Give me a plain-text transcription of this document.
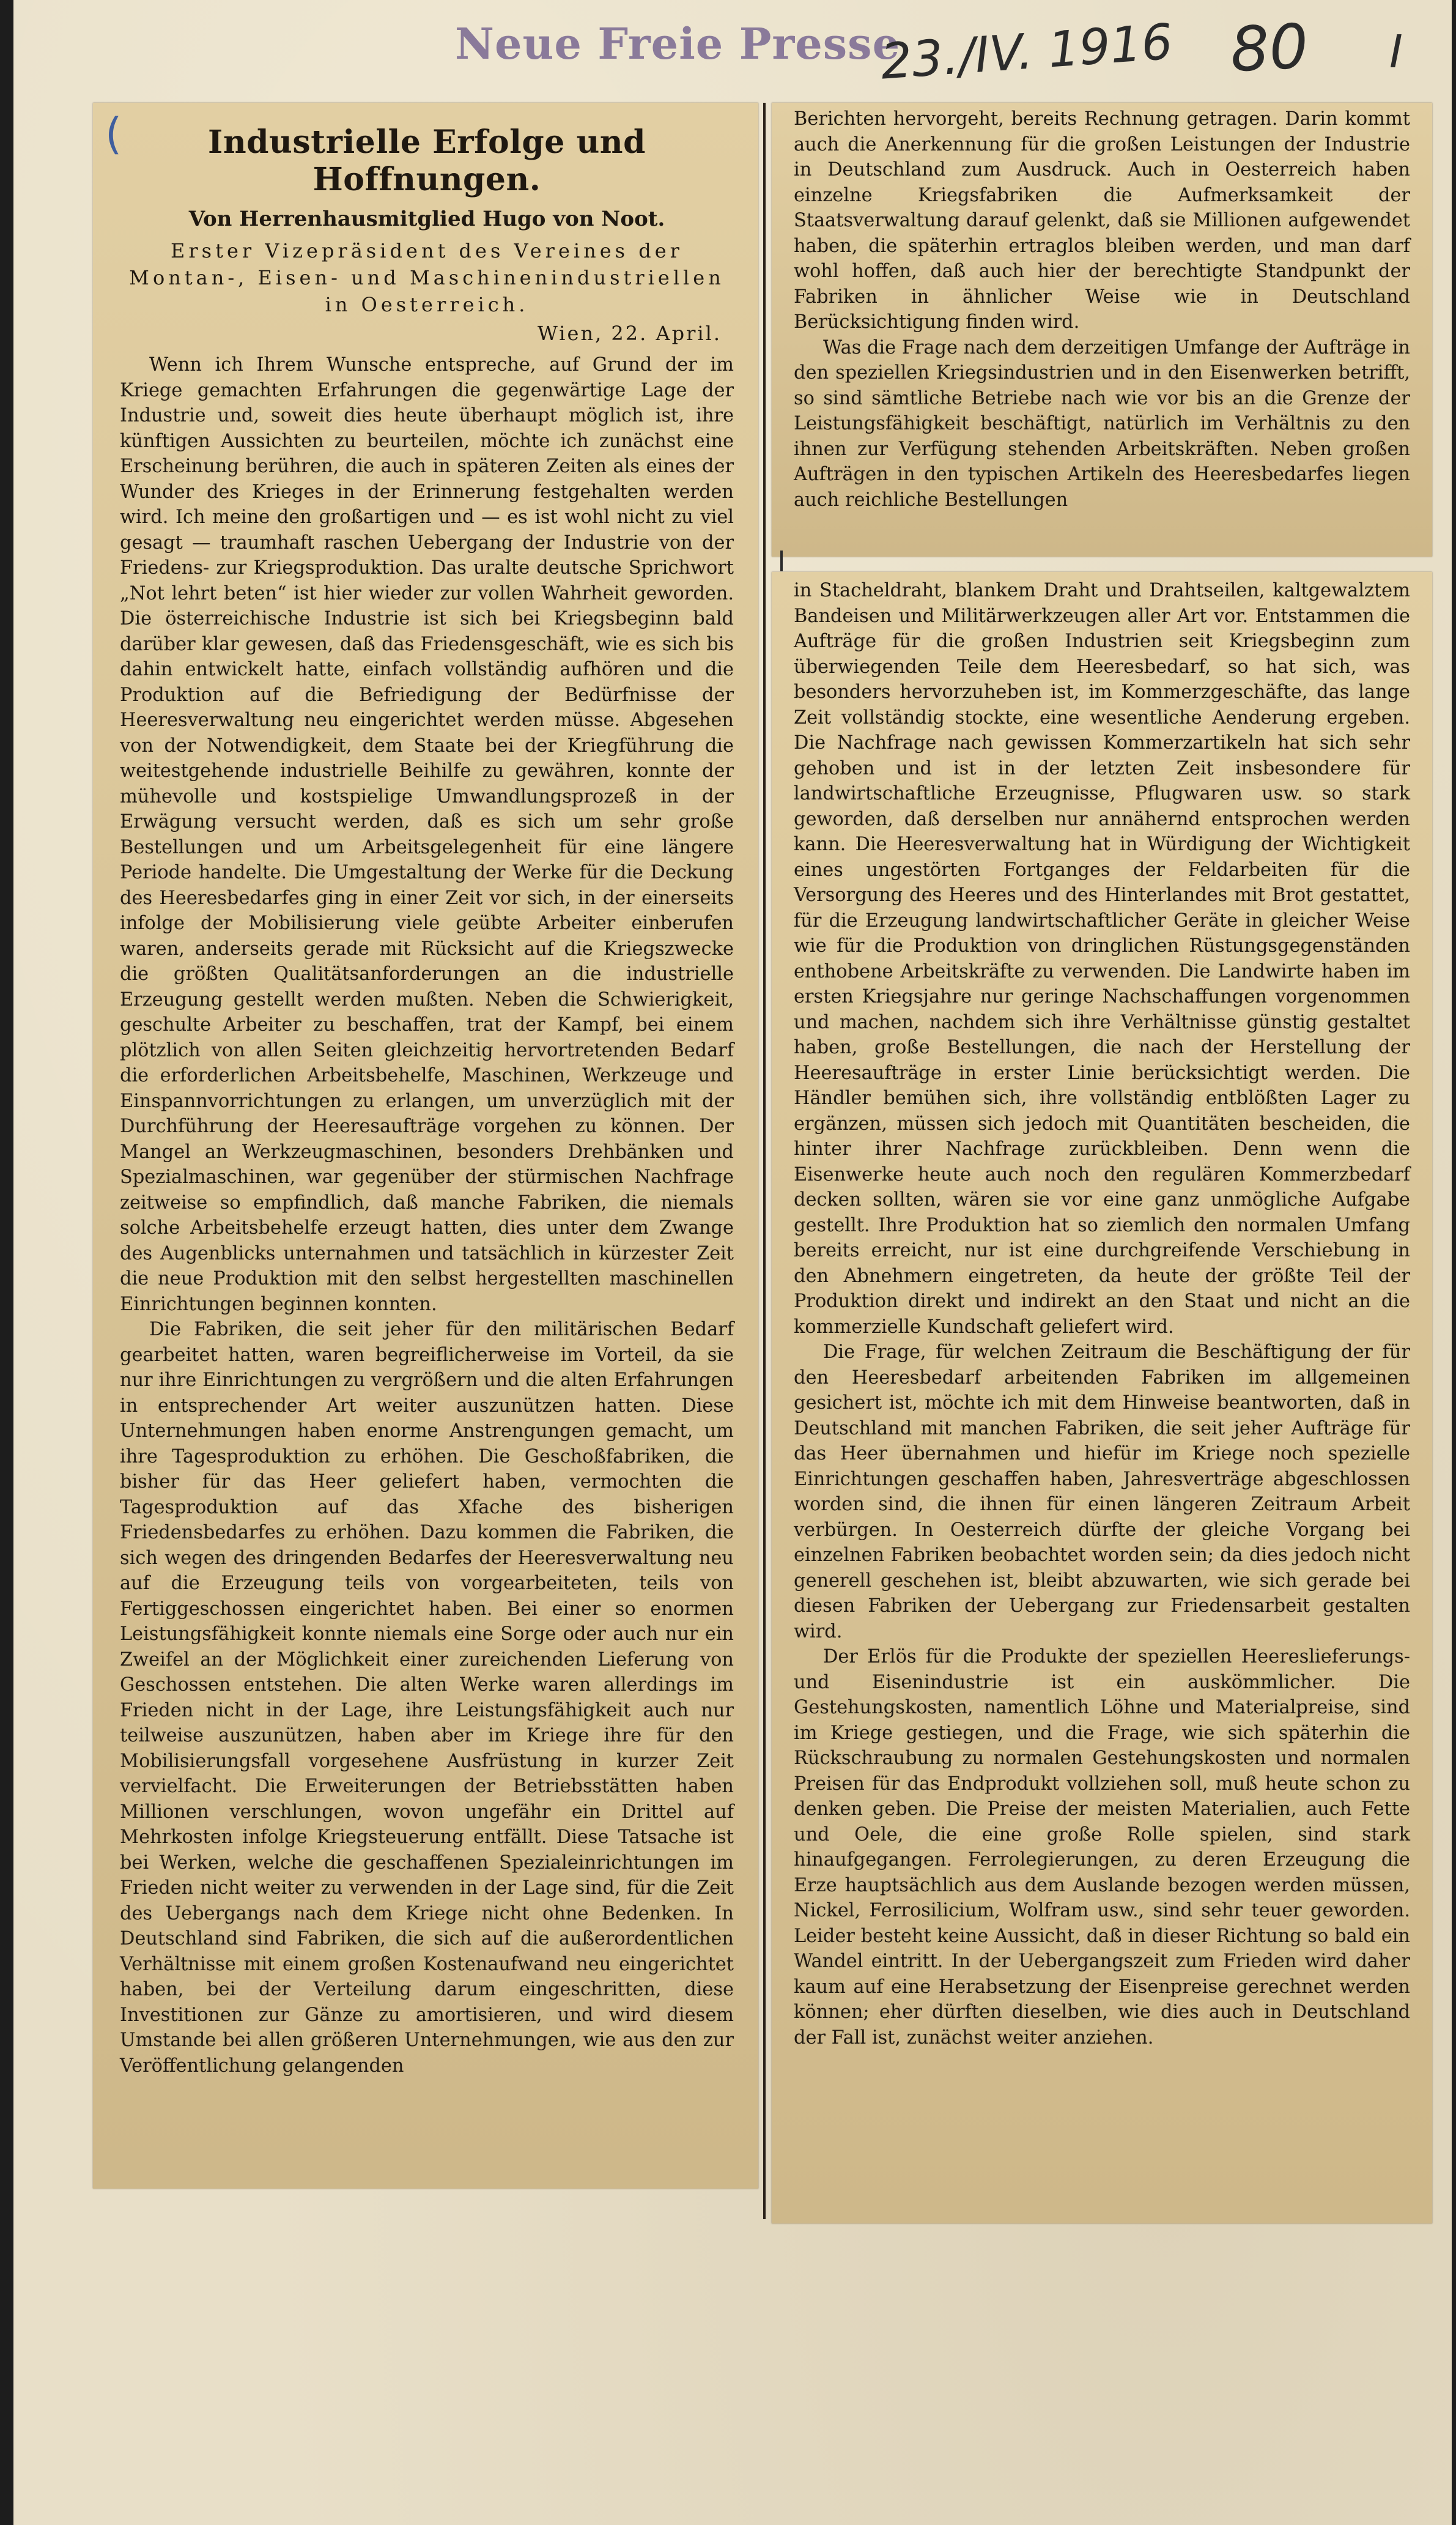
Neue Freie Presse
23./IV. 1916 80 I
Industrielle Erfolge und Hoffnungen.

Von Herrenhausmitglied Hugo von Noot.

Erster Vizepräsident des Vereines der Montan-, Eisen- und Maschinenindustriellen in Oesterreich.

Wien, 22. April.

Wenn ich Ihrem Wunsche entspreche, auf Grund der im Kriege gemachten Erfahrungen die gegenwärtige Lage der Industrie und, soweit dies heute überhaupt möglich ist, ihre künftigen Aussichten zu beurteilen, möchte ich zunächst eine Erscheinung berühren, die auch in späteren Zeiten als eines der Wunder des Krieges in der Erinnerung festgehalten werden wird. Ich meine den großartigen und — es ist wohl nicht zu viel gesagt — traumhaft raschen Uebergang der Industrie von der Friedens- zur Kriegsproduktion. Das uralte deutsche Sprichwort „Not lehrt beten“ ist hier wieder zur vollen Wahrheit geworden. Die österreichische Industrie ist sich bei Kriegsbeginn bald darüber klar gewesen, daß das Friedensgeschäft, wie es sich bis dahin entwickelt hatte, einfach vollständig aufhören und die Produktion auf die Befriedigung der Bedürfnisse der Heeresverwaltung neu eingerichtet werden müsse. Abgesehen von der Notwendigkeit, dem Staate bei der Kriegführung die weitestgehende industrielle Beihilfe zu gewähren, konnte der mühevolle und kostspielige Umwandlungsprozeß in der Erwägung versucht werden, daß es sich um sehr große Bestellungen und um Arbeitsgelegenheit für eine längere Periode handelte. Die Umgestaltung der Werke für die Deckung des Heeresbedarfes ging in einer Zeit vor sich, in der einerseits infolge der Mobilisierung viele geübte Arbeiter einberufen waren, anderseits gerade mit Rücksicht auf die Kriegszwecke die größten Qualitätsanforderungen an die industrielle Erzeugung gestellt werden mußten. Neben die Schwierigkeit, geschulte Arbeiter zu beschaffen, trat der Kampf, bei einem plötzlich von allen Seiten gleichzeitig hervortretenden Bedarf die erforderlichen Arbeitsbehelfe, Maschinen, Werkzeuge und Einspannvorrichtungen zu erlangen, um unverzüglich mit der Durchführung der Heeresaufträge vorgehen zu können. Der Mangel an Werkzeugmaschinen, besonders Drehbänken und Spezialmaschinen, war gegenüber der stürmischen Nachfrage zeitweise so empfindlich, daß manche Fabriken, die niemals solche Arbeitsbehelfe erzeugt hatten, dies unter dem Zwange des Augenblicks unternahmen und tatsächlich in kürzester Zeit die neue Produktion mit den selbst hergestellten maschinellen Einrichtungen beginnen konnten.

Die Fabriken, die seit jeher für den militärischen Bedarf gearbeitet hatten, waren begreiflicherweise im Vorteil, da sie nur ihre Einrichtungen zu vergrößern und die alten Erfahrungen in entsprechender Art weiter auszunützen hatten. Diese Unternehmungen haben enorme Anstrengungen gemacht, um ihre Tagesproduktion zu erhöhen. Die Geschoßfabriken, die bisher für das Heer geliefert haben, vermochten die Tagesproduktion auf das Xfache des bisherigen Friedensbedarfes zu erhöhen. Dazu kommen die Fabriken, die sich wegen des dringenden Bedarfes der Heeresverwaltung neu auf die Erzeugung teils von vorgearbeiteten, teils von Fertiggeschossen eingerichtet haben. Bei einer so enormen Leistungsfähigkeit konnte niemals eine Sorge oder auch nur ein Zweifel an der Möglichkeit einer zureichenden Lieferung von Geschossen entstehen. Die alten Werke waren allerdings im Frieden nicht in der Lage, ihre Leistungsfähigkeit auch nur teilweise auszunützen, haben aber im Kriege ihre für den Mobilisierungsfall vorgesehene Ausfrüstung in kurzer Zeit vervielfacht. Die Erweiterungen der Betriebsstätten haben Millionen verschlungen, wovon ungefähr ein Drittel auf Mehrkosten infolge Kriegsteuerung entfällt. Diese Tatsache ist bei Werken, welche die geschaffenen Spezialeinrichtungen im Frieden nicht weiter zu verwenden in der Lage sind, für die Zeit des Uebergangs nach dem Kriege nicht ohne Bedenken. In Deutschland sind Fabriken, die sich auf die außerordentlichen Verhältnisse mit einem großen Kostenaufwand neu eingerichtet haben, bei der Verteilung darum eingeschritten, diese Investitionen zur Gänze zu amortisieren, und wird diesem Umstande bei allen größeren Unternehmungen, wie aus den zur Veröffentlichung gelangenden

(	Berichten hervorgeht, bereits Rechnung getragen. Darin kommt auch die Anerkennung für die großen Leistungen der Industrie in Deutschland zum Ausdruck. Auch in Oesterreich haben einzelne Kriegsfabriken die Aufmerksamkeit der Staatsverwaltung darauf gelenkt, daß sie Millionen aufgewendet haben, die späterhin ertraglos bleiben werden, und man darf wohl hoffen, daß auch hier der berechtigte Standpunkt der Fabriken in ähnlicher Weise wie in Deutschland Berücksichtigung finden wird.

Was die Frage nach dem derzeitigen Umfange der Aufträge in den speziellen Kriegsindustrien und in den Eisenwerken betrifft, so sind sämtliche Betriebe nach wie vor bis an die Grenze der Leistungsfähigkeit beschäftigt, natürlich im Verhältnis zu den ihnen zur Verfügung stehenden Arbeitskräften. Neben großen Aufträgen in den typischen Artikeln des Heeresbedarfes liegen auch reichliche Bestellungen

in Stacheldraht, blankem Draht und Drahtseilen, kaltgewalztem Bandeisen und Militärwerkzeugen aller Art vor. Entstammen die Aufträge für die großen Industrien seit Kriegsbeginn zum überwiegenden Teile dem Heeresbedarf, so hat sich, was besonders hervorzuheben ist, im Kommerzgeschäfte, das lange Zeit vollständig stockte, eine wesentliche Aenderung ergeben. Die Nachfrage nach gewissen Kommerzartikeln hat sich sehr gehoben und ist in der letzten Zeit insbesondere für landwirtschaftliche Erzeugnisse, Pflugwaren usw. so stark geworden, daß derselben nur annähernd entsprochen werden kann. Die Heeresverwaltung hat in Würdigung der Wichtigkeit eines ungestörten Fortganges der Feldarbeiten für die Versorgung des Heeres und des Hinterlandes mit Brot gestattet, für die Erzeugung landwirtschaftlicher Geräte in gleicher Weise wie für die Produktion von dringlichen Rüstungsgegenständen enthobene Arbeitskräfte zu verwenden. Die Landwirte haben im ersten Kriegsjahre nur geringe Nachschaffungen vorgenommen und machen, nachdem sich ihre Verhältnisse günstig gestaltet haben, große Bestellungen, die nach der Herstellung der Heeresaufträge in erster Linie berücksichtigt werden. Die Händler bemühen sich, ihre vollständig entblößten Lager zu ergänzen, müssen sich jedoch mit Quantitäten bescheiden, die hinter ihrer Nachfrage zurückbleiben. Denn wenn die Eisenwerke heute auch noch den regulären Kommerzbedarf decken sollten, wären sie vor eine ganz unmögliche Aufgabe gestellt. Ihre Produktion hat so ziemlich den normalen Umfang bereits erreicht, nur ist eine durchgreifende Verschiebung in den Abnehmern eingetreten, da heute der größte Teil der Produktion direkt und indirekt an den Staat und nicht an die kommerzielle Kundschaft geliefert wird.

Die Frage, für welchen Zeitraum die Beschäftigung der für den Heeresbedarf arbeitenden Fabriken im allgemeinen gesichert ist, möchte ich mit dem Hinweise beantworten, daß in Deutschland mit manchen Fabriken, die seit jeher Aufträge für das Heer übernahmen und hiefür im Kriege noch spezielle Einrichtungen geschaffen haben, Jahresverträge abgeschlossen worden sind, die ihnen für einen längeren Zeitraum Arbeit verbürgen. In Oesterreich dürfte der gleiche Vorgang bei einzelnen Fabriken beobachtet worden sein; da dies jedoch nicht generell geschehen ist, bleibt abzuwarten, wie sich gerade bei diesen Fabriken der Uebergang zur Friedensarbeit gestalten wird.

Der Erlös für die Produkte der speziellen Heereslieferungs- und Eisenindustrie ist ein auskömmlicher. Die Gestehungskosten, namentlich Löhne und Materialpreise, sind im Kriege gestiegen, und die Frage, wie sich späterhin die Rückschraubung zu normalen Gestehungskosten und normalen Preisen für das Endprodukt vollziehen soll, muß heute schon zu denken geben. Die Preise der meisten Materialien, auch Fette und Oele, die eine große Rolle spielen, sind stark hinaufgegangen. Ferrolegierungen, zu deren Erzeugung die Erze hauptsächlich aus dem Auslande bezogen werden müssen, Nickel, Ferrosilicium, Wolfram usw., sind sehr teuer geworden. Leider besteht keine Aussicht, daß in dieser Richtung so bald ein Wandel eintritt. In der Uebergangszeit zum Frieden wird daher kaum auf eine Herabsetzung der Eisenpreise gerechnet werden können; eher dürften dieselben, wie dies auch in Deutschland der Fall ist, zunächst weiter anziehen.
